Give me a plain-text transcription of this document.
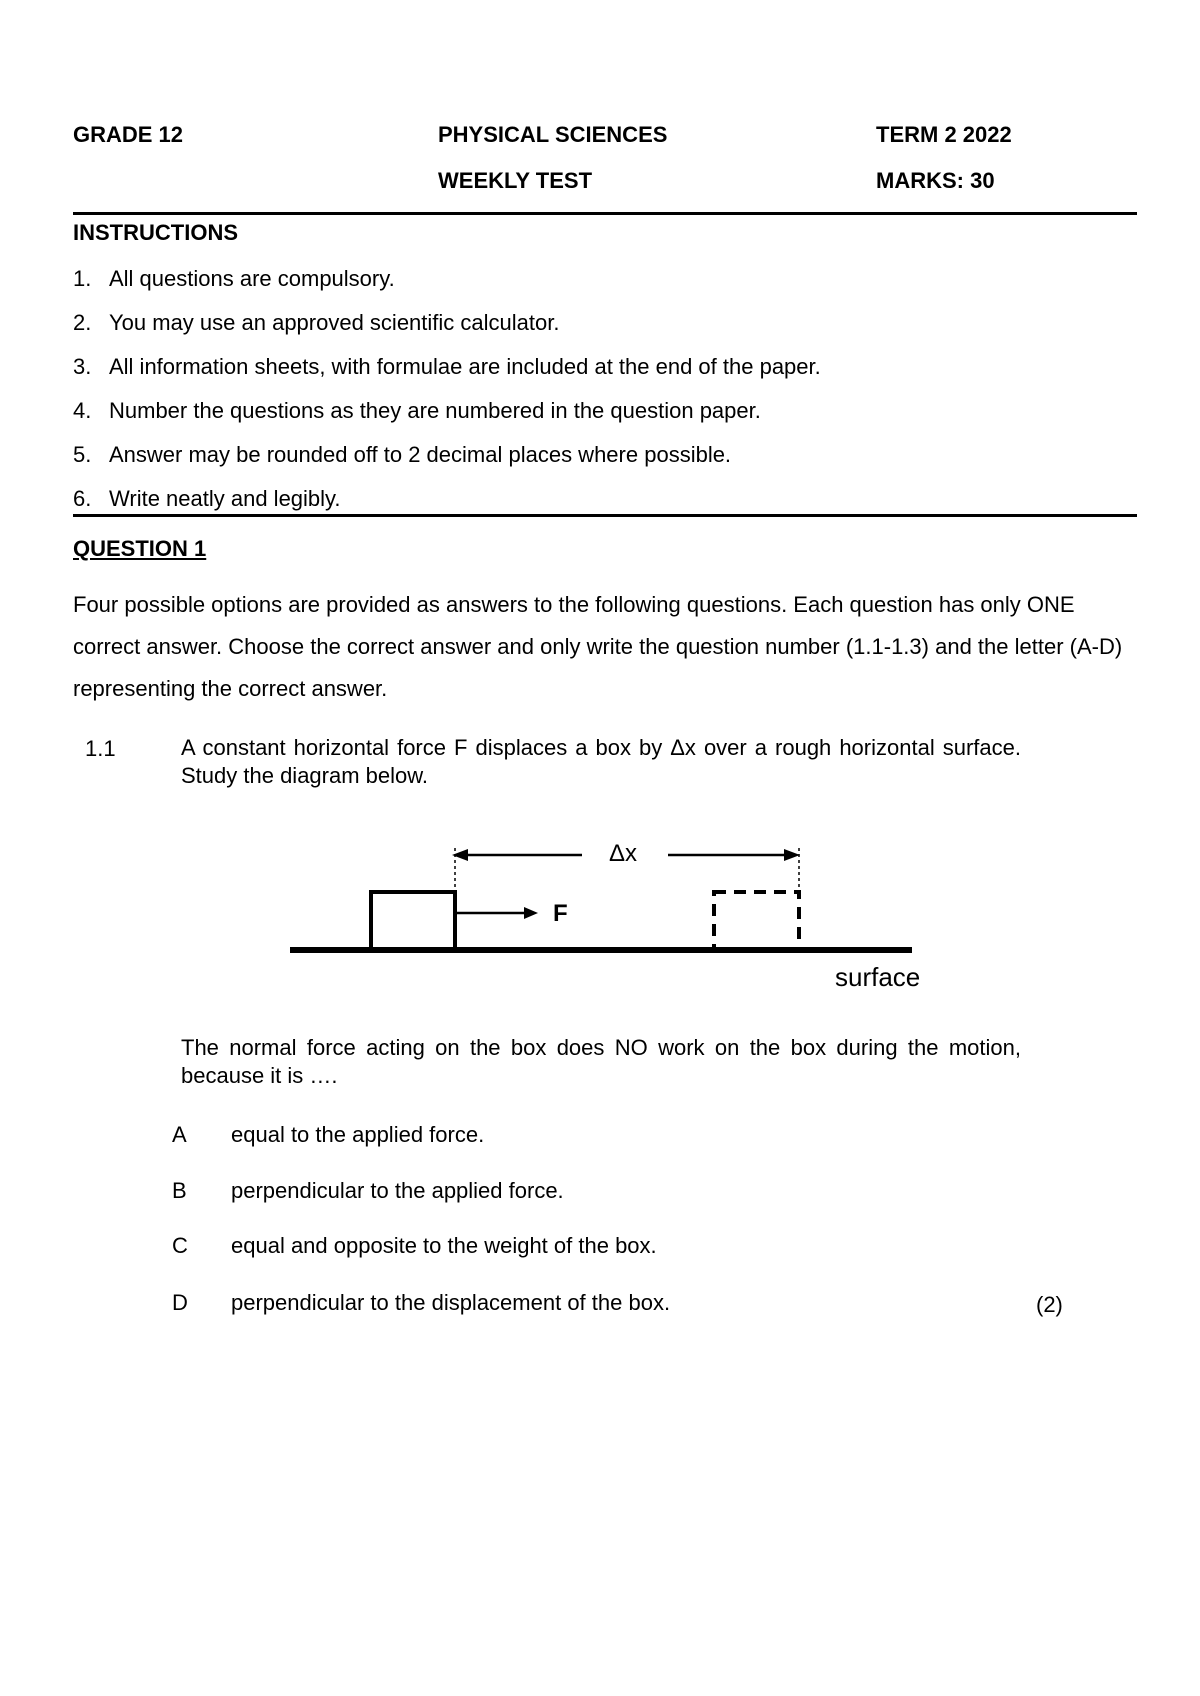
GRADE 12	PHYSICAL SCIENCES	TERM 2 2022
WEEKLY TEST	MARKS: 30
INSTRUCTIONS
1. All questions are compulsory.
2. You may use an approved scientific calculator.
3. All information sheets, with formulae are included at the end of the paper.
4. Number the questions as they are numbered in the question paper.
5. Answer may be rounded off to 2 decimal places where possible.
6. Write neatly and legibly.
QUESTION 1
Four possible options are provided as answers to the following questions. Each question has only ONE correct answer. Choose the correct answer and only write the question number (1.1-1.3) and the letter (A-D) representing the correct answer.
1.1	A constant horizontal force F displaces a box by Δx over a rough horizontal surface. Study the diagram below.
Δx
F
surface
The normal force acting on the box does NO work on the box during the motion, because it is ….
A equal to the applied force.
B perpendicular to the applied force.
C equal and opposite to the weight of the box.
D perpendicular to the displacement of the box.	(2)
